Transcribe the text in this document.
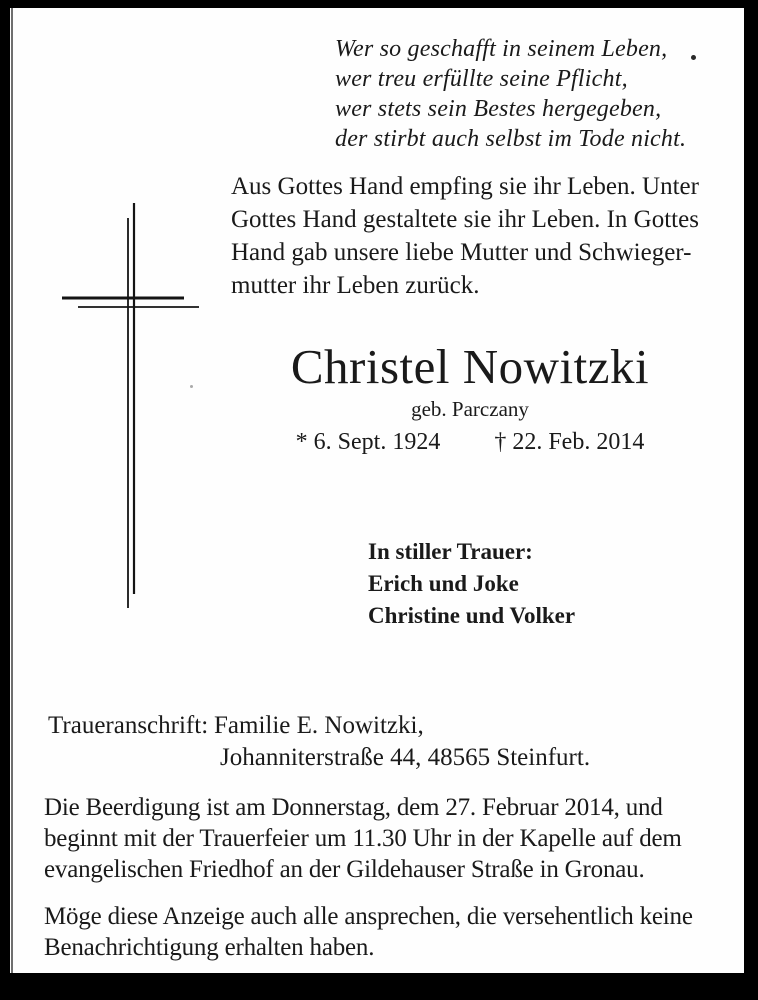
Wer so geschafft in seinem Leben,
wer treu erfüllte seine Pflicht,
wer stets sein Bestes hergegeben,
der stirbt auch selbst im Tode nicht.
Aus Gottes Hand empfing sie ihr Leben. Unter
Gottes Hand gestaltete sie ihr Leben. In Gottes
Hand gab unsere liebe Mutter und Schwieger-
mutter ihr Leben zurück.
Christel Nowitzki
geb. Parczany
* 6. Sept. 1924 † 22. Feb. 2014
In stiller Trauer:
Erich und Joke
Christine und Volker
Traueranschrift: Familie E. Nowitzki,
Johanniterstraße 44, 48565 Steinfurt.
Die Beerdigung ist am Donnerstag, dem 27. Februar 2014, und
beginnt mit der Trauerfeier um 11.30 Uhr in der Kapelle auf dem
evangelischen Friedhof an der Gildehauser Straße in Gronau.
Möge diese Anzeige auch alle ansprechen, die versehentlich keine
Benachrichtigung erhalten haben.
